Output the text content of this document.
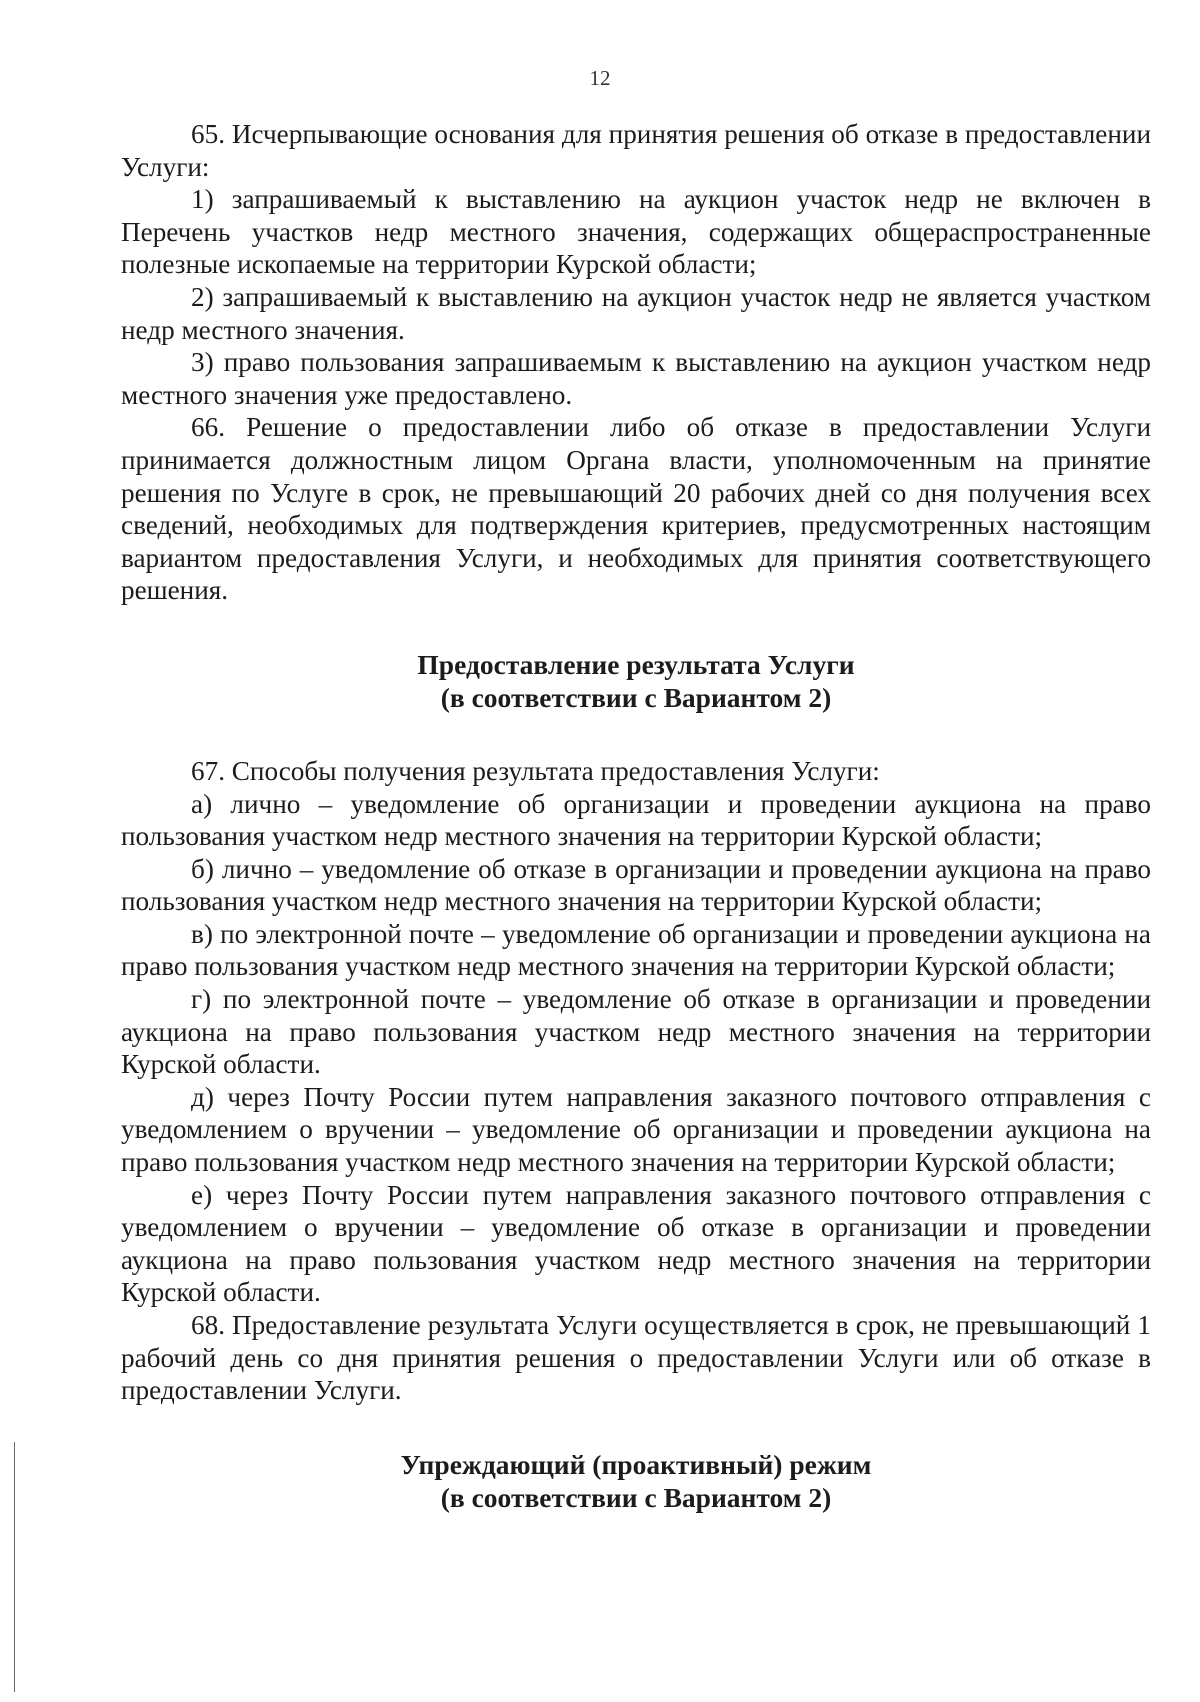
12

65. Исчерпывающие основания для принятия решения об отказе в предоставлении Услуги:

1) запрашиваемый к выставлению на аукцион участок недр не включен в Перечень участков недр местного значения, содержащих общераспространенные полезные ископаемые на территории Курской области;

2) запрашиваемый к выставлению на аукцион участок недр не является участком недр местного значения.

3) право пользования запрашиваемым к выставлению на аукцион участком недр местного значения уже предоставлено.

66. Решение о предоставлении либо об отказе в предоставлении Услуги принимается должностным лицом Органа власти, уполномоченным на принятие решения по Услуге в срок, не превышающий 20 рабочих дней со дня получения всех сведений, необходимых для подтверждения критериев, предусмотренных настоящим вариантом предоставления Услуги, и необходимых для принятия соответствующего решения.

Предоставление результата Услуги

(в соответствии с Вариантом 2)

67. Способы получения результата предоставления Услуги:

а) лично – уведомление об организации и проведении аукциона на право пользования участком недр местного значения на территории Курской области;

б) лично – уведомление об отказе в организации и проведении аукциона на право пользования участком недр местного значения на территории Курской области;

в) по электронной почте – уведомление об организации и проведении аукциона на право пользования участком недр местного значения на территории Курской области;

г) по электронной почте – уведомление об отказе в организации и проведении аукциона на право пользования участком недр местного значения на территории Курской области.

д) через Почту России путем направления заказного почтового отправления с уведомлением о вручении – уведомление об организации и проведении аукциона на право пользования участком недр местного значения на территории Курской области;

е) через Почту России путем направления заказного почтового отправления с уведомлением о вручении – уведомление об отказе в организации и проведении аукциона на право пользования участком недр местного значения на территории Курской области.

68. Предоставление результата Услуги осуществляется в срок, не превышающий 1 рабочий день со дня принятия решения о предоставлении Услуги или об отказе в предоставлении Услуги.

Упреждающий (проактивный) режим

(в соответствии с Вариантом 2)
